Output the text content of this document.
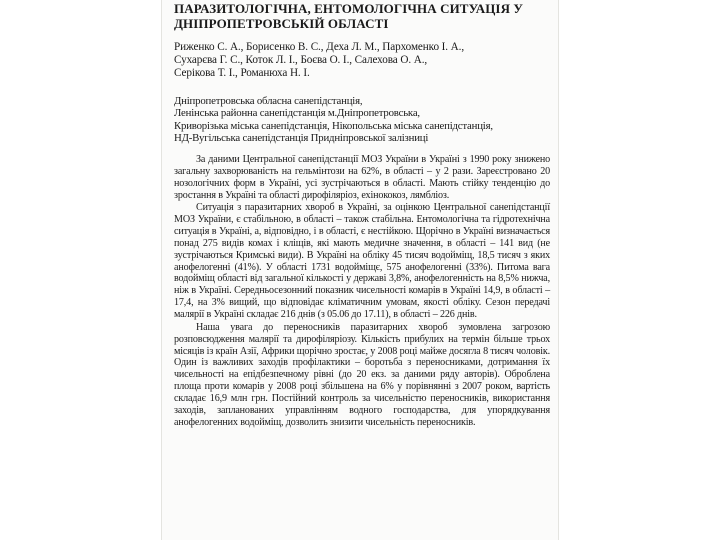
ПАРАЗИТОЛОГІЧНА, ЕНТОМОЛОГІЧНА СИТУАЦІЯ У
ДНІПРОПЕТРОВСЬКІЙ ОБЛАСТІ
Риженко С. А., Борисенко В. С., Деха Л. М., Пархоменко І. А.,
Сухарєва Г. С., Коток Л. І., Боєва О. І., Салехова О. А.,
Серікова Т. І., Романюха Н. І.
Дніпропетровська обласна санепідстанція,
Ленінська районна санепідстанція м.Дніпропетровська,
Криворізька міська санепідстанція, Нікопольська міська санепідстанція,
НД-Вугільська санепідстанція Придніпровської залізниці

За даними Центральної санепідстанції МОЗ України в Україні з 1990 року знижено загальну захворюваність на гельмінтози на 62%, в області – у 2 рази. Зареєстровано 20 нозологічних форм в Україні, усі зустрічаються в області. Мають стійку тенденцію до зростання в Україні та області дирофіляріоз, ехінококоз, лямбліоз.

Ситуація з паразитарних хвороб в Україні, за оцінкою Центральної санепідстанції МОЗ України, є стабільною, в області – також стабільна. Ентомологічна та гідротехнічна ситуація в Україні, а, відповідно, і в області, є нестійкою. Щорічно в Україні визначається понад 275 видів комах і кліщів, які мають медичне значення, в області – 141 вид (не зустрічаються Кримські види). В Україні на обліку 45 тисяч водойміщ, 18,5 тисяч з яких анофелогенні (41%). У області 1731 водойміщє, 575 анофелогенні (33%). Питома вага водойміщ області від загальної кількості у державі 3,8%, анофелогенність на 8,5% нижча, ніж в Україні. Середньосезонний показник чисельності комарів в Україні 14,9, в області – 17,4, на 3% вищий, що відповідає кліматичним умовам, якості обліку. Сезон передачі малярії в Україні складає 216 днів (з 05.06 до 17.11), в області – 226 днів.

Наша увага до переносників паразитарних хвороб зумовлена загрозою розповсюдження малярії та дирофіляріозу. Кількість прибулих на термін більше трьох місяців із країн Азії, Африки щорічно зростає, у 2008 році майже досягла 8 тисяч чоловік. Один із важливих заходів профілактики – боротьба з переносниками, дотримання їх чисельності на епідбезпечному рівні (до 20 екз. за даними ряду авторів). Оброблена площа проти комарів у 2008 році збільшена на 6% у порівнянні з 2007 роком, вартість складає 16,9 млн грн. Постійний контроль за чисельністю переносників, використання заходів, запланованих управлінням водного господарства, для упорядкування анофелогенних водойміщ, дозволить знизити чисельність переносників.
